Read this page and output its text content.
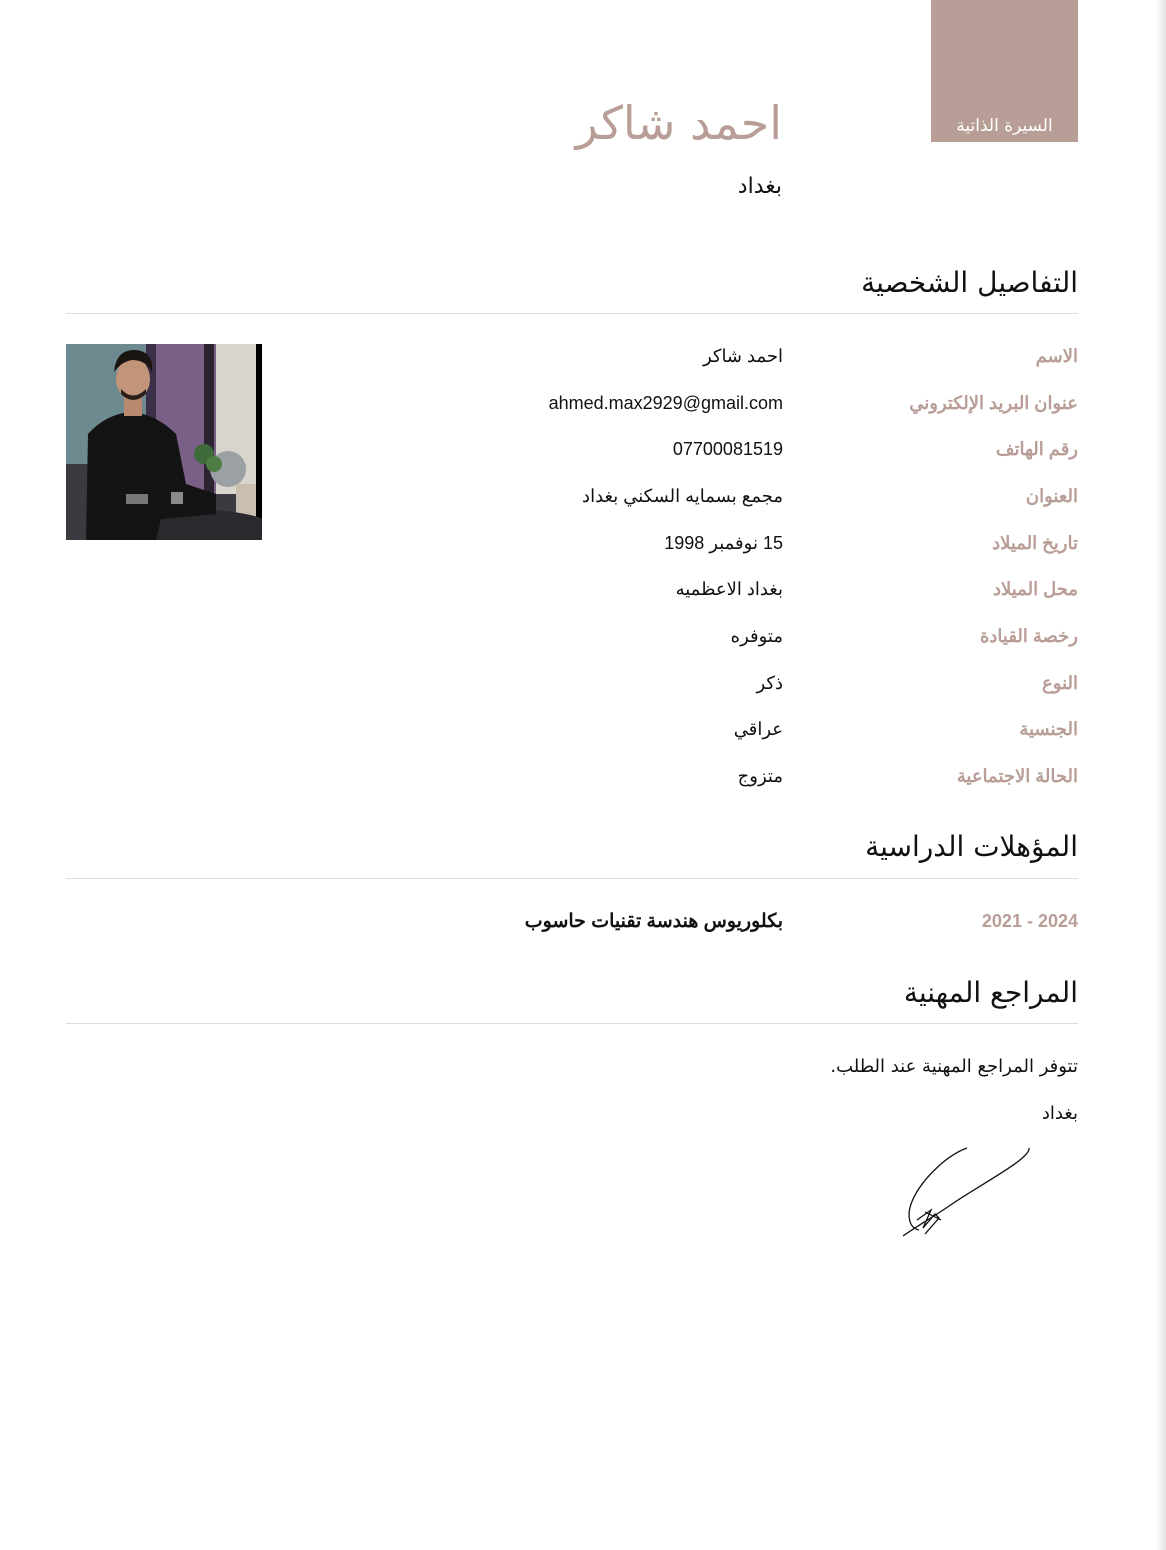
السيرة الذاتية
احمد شاكر
بغداد
التفاصيل الشخصية
الاسم
احمد شاكر
عنوان البريد الإلكتروني
ahmed.max2929@gmail.com
رقم الهاتف
07700081519
العنوان
مجمع بسمايه السكني بغداد
تاريخ الميلاد
15 نوفمبر 1998
محل الميلاد
بغداد الاعظميه
رخصة القيادة
متوفره
النوع
ذكر
الجنسية
عراقي
الحالة الاجتماعية
متزوج
المؤهلات الدراسية
2021 - 2024
بكلوريوس هندسة تقنيات حاسوب
المراجع المهنية
تتوفر المراجع المهنية عند الطلب.
بغداد
